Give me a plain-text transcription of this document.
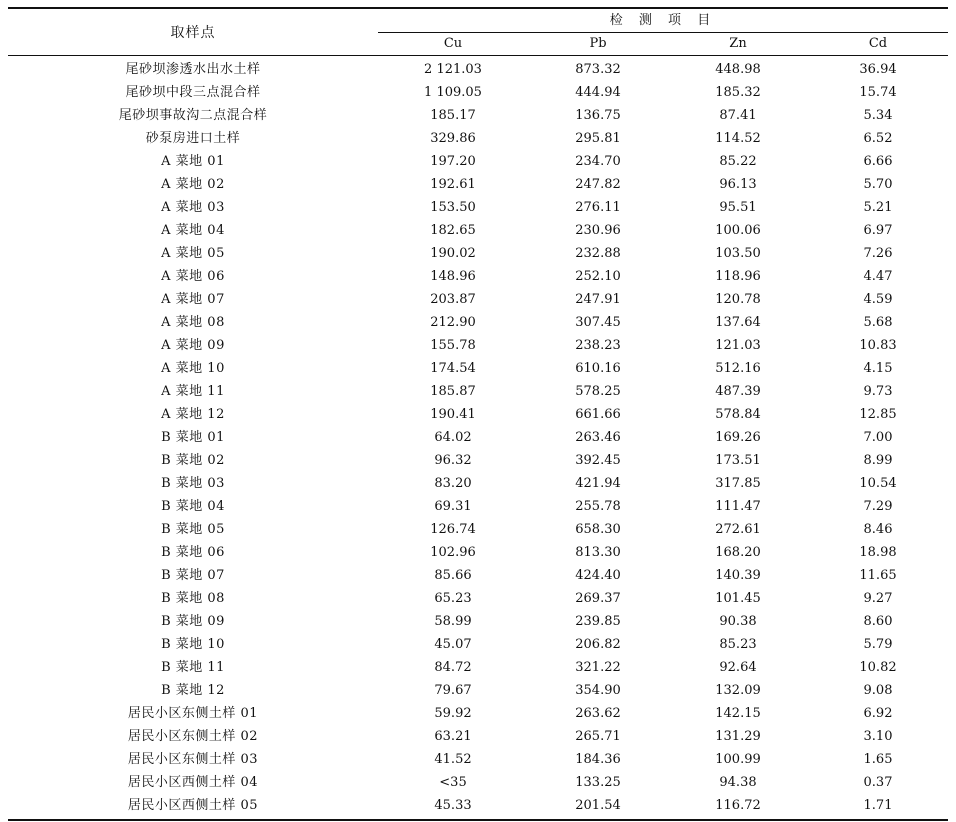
取样点
检 测 项 目
Cu	Pb	Zn	Cd
尾砂坝渗透水出水土样	2 121.03	873.32	448.98	36.94
尾砂坝中段三点混合样	1 109.05	444.94	185.32	15.74
尾砂坝事故沟二点混合样	185.17	136.75	87.41	5.34
砂泵房进口土样	329.86	295.81	114.52	6.52
A 菜地 01	197.20	234.70	85.22	6.66
A 菜地 02	192.61	247.82	96.13	5.70
A 菜地 03	153.50	276.11	95.51	5.21
A 菜地 04	182.65	230.96	100.06	6.97
A 菜地 05	190.02	232.88	103.50	7.26
A 菜地 06	148.96	252.10	118.96	4.47
A 菜地 07	203.87	247.91	120.78	4.59
A 菜地 08	212.90	307.45	137.64	5.68
A 菜地 09	155.78	238.23	121.03	10.83
A 菜地 10	174.54	610.16	512.16	4.15
A 菜地 11	185.87	578.25	487.39	9.73
A 菜地 12	190.41	661.66	578.84	12.85
B 菜地 01	64.02	263.46	169.26	7.00
B 菜地 02	96.32	392.45	173.51	8.99
B 菜地 03	83.20	421.94	317.85	10.54
B 菜地 04	69.31	255.78	111.47	7.29
B 菜地 05	126.74	658.30	272.61	8.46
B 菜地 06	102.96	813.30	168.20	18.98
B 菜地 07	85.66	424.40	140.39	11.65
B 菜地 08	65.23	269.37	101.45	9.27
B 菜地 09	58.99	239.85	90.38	8.60
B 菜地 10	45.07	206.82	85.23	5.79
B 菜地 11	84.72	321.22	92.64	10.82
B 菜地 12	79.67	354.90	132.09	9.08
居民小区东侧土样 01	59.92	263.62	142.15	6.92
居民小区东侧土样 02	63.21	265.71	131.29	3.10
居民小区东侧土样 03	41.52	184.36	100.99	1.65
居民小区西侧土样 04	<35	133.25	94.38	0.37
居民小区西侧土样 05	45.33	201.54	116.72	1.71
